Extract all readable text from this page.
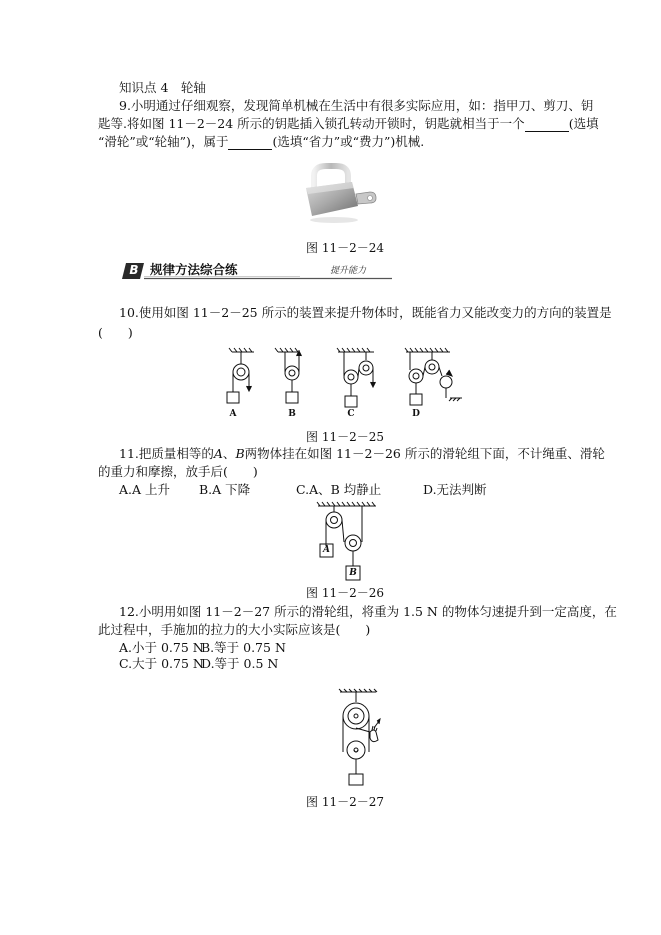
知识点 4　轮轴
9.小明通过仔细观察，发现简单机械在生活中有很多实际应用，如：指甲刀、剪刀、钥
匙等.将如图 11－2－24 所示的钥匙插入锁孔转动开锁时，钥匙就相当于一个	(选填
“滑轮”或“轮轴”)，属于	(选填“省力”或“费力”)机械.
图 11－2－24
B 规律方法综合练	提升能力
10.使用如图 11－2－25 所示的装置来提升物体时，既能省力又能改变力的方向的装置是
(　　)
A	B	C	D
图 11－2－25
11.把质量相等的A、B两物体挂在如图 11－2－26 所示的滑轮组下面，不计绳重、滑轮
的重力和摩擦，放手后(　　)
A.A 上升 B.A 下降	C.A、B 均静止	D.无法判断
A
B
图 11－2－26
12.小明用如图 11－2－27 所示的滑轮组，将重为 1.5 N 的物体匀速提升到一定高度，在
此过程中，手施加的拉力的大小实际应该是(　　)
A.小于 0.75 N
B.等于 0.75 N
C.大于 0.75 N
D.等于 0.5 N
图 11－2－27
